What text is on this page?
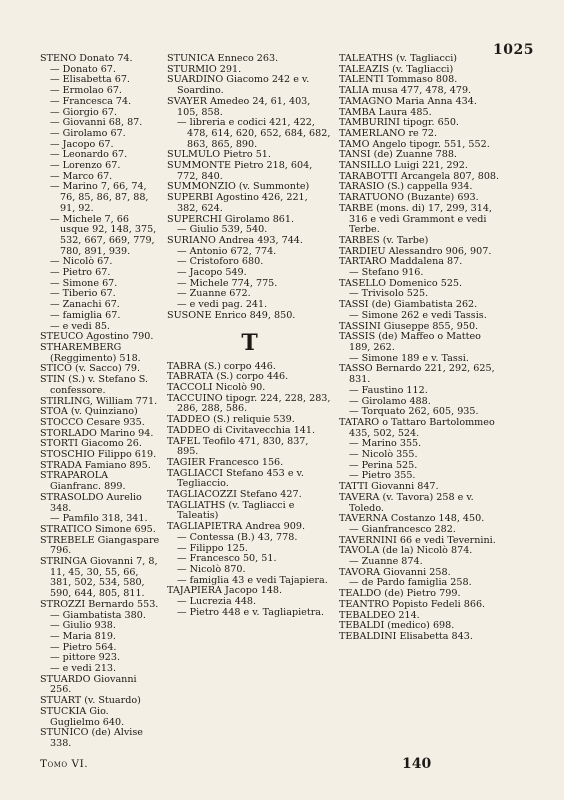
1025
STENO Donato 74.
— Donato 67.
— Elisabetta 67.
— Ermolao 67.
— Francesca 74.
— Giorgio 67.
— Giovanni 68, 87.
— Girolamo 67.
— Jacopo 67.
— Leonardo 67.
— Lorenzo 67.
— Marco 67.
— Marino 7, 66, 74, 76, 85, 86, 87, 88, 91, 92.
— Michele 7, 66 usque 92, 148, 375, 532, 667, 669, 779, 780, 891, 939.
— Nicolò 67.
— Pietro 67.
— Simone 67.
— Tiberio 67.
— Zanachi 67.
— famiglia 67.
— e vedi 85.
STEUCO Agostino 790.
STHAREMBERG (Reggimento) 518.
STICO (v. Sacco) 79.
STIN (S.) v. Stefano S. confessore.
STIRLING, William 771.
STOA (v. Quinziano)
STOCCO Cesare 935.
STORLADO Marino 94.
STORTI Giacomo 26.
STOSCHIO Filippo 619.
STRADA Famiano 895.
STRAPAROLA Gianfranc. 899.
STRASOLDO Aurelio 348.
— Pamfilo 318, 341.
STRATICO Simone 695.
STREBELE Giangaspare 796.
STRINGA Giovanni 7, 8, 11, 45, 30, 55, 66, 381, 502, 534, 580, 590, 644, 805, 811.
STROZZI Bernardo 553.
— Giambatista 380.
— Giulio 938.
— Maria 819.
— Pietro 564.
— pittore 923.
— e vedi 213.
STUARDO Giovanni 256.
STUART (v. Stuardo)
STUCKIA Gio. Guglielmo 640.
STUNICO (de) Alvise 338.
STUNICA Enneco 263.
STURMIO 291.
SUARDINO Giacomo 242 e v. Soardino.
SVAYER Amedeo 24, 61, 403, 105, 858.
— libreria e codici 421, 422, 478, 614, 620, 652, 684, 682, 863, 865, 890.
SULMULO Pietro 51.
SUMMONTE Pietro 218, 604, 772, 840.
SUMMONZIO (v. Summonte)
SUPERBI Agostino 426, 221, 382, 624.
SUPERCHI Girolamo 861.
— Giulio 539, 540.
SURIANO Andrea 493, 744.
— Antonio 672, 774.
— Cristoforo 680.
— Jacopo 549.
— Michele 774, 775.
— Zuanne 672.
— e vedi pag. 241.
SUSONE Enrico 849, 850.
T
TABRA (S.) corpo 446.
TABRATA (S.) corpo 446.
TACCOLI Nicolò 90.
TACCUINO tipogr. 224, 228, 283, 286, 288, 586.
TADDEO (S.) reliquie 539.
TADDEO di Civitavecchia 141.
TAFEL Teofilo 471, 830, 837, 895.
TAGIER Francesco 156.
TAGLIACCI Stefano 453 e v. Tegliaccio.
TAGLIACOZZI Stefano 427.
TAGLIATHS (v. Tagliacci e Taleatis)
TAGLIAPIETRA Andrea 909.
— Contessa (B.) 43, 778.
— Filippo 125.
— Francesco 50, 51.
— Nicolò 870.
— famiglia 43 e vedi Tajapiera.
TAJAPIERA Jacopo 148.
— Lucrezia 448.
— Pietro 448 e v. Tagliapietra.
TALEATHS (v. Tagliacci)
TALEAZIS (v. Tagliacci)
TALENTI Tommaso 808.
TALIA musa 477, 478, 479.
TAMAGNO Maria Anna 434.
TAMBA Laura 485.
TAMBURINI tipogr. 650.
TAMERLANO re 72.
TAMO Angelo tipogr. 551, 552.
TANSI (de) Zuanne 788.
TANSILLO Luigi 221, 292.
TARABOTTI Arcangela 807, 808.
TARASIO (S.) cappella 934.
TARATUONO (Buzante) 693.
TARBE (mons. di) 17, 299, 314, 316 e vedi Grammont e vedi Terbe.
TARBES (v. Tarbe)
TARDIEU Alessandro 906, 907.
TARTARO Maddalena 87.
— Stefano 916.
TASELLO Domenico 525.
— Trivisolo 525.
TASSI (de) Giambatista 262.
— Simone 262 e vedi Tassis.
TASSINI Giuseppe 855, 950.
TASSIS (de) Maffeo o Matteo 189, 262.
— Simone 189 e v. Tassi.
TASSO Bernardo 221, 292, 625, 831.
— Faustino 112.
— Girolamo 488.
— Torquato 262, 605, 935.
TATARO o Tattaro Bartolommeo 435, 502, 524.
— Marino 355.
— Nicolò 355.
— Perina 525.
— Pietro 355.
TATTI Giovanni 847.
TAVERA (v. Tavora) 258 e v. Toledo.
TAVERNA Costanzo 148, 450.
— Gianfrancesco 282.
TAVERNINI 66 e vedi Tevernini.
TAVOLA (de la) Nicolò 874.
— Zuanne 874.
TAVORA Giovanni 258.
— de Pardo famiglia 258.
TEALDO (de) Pietro 799.
TEANTRO Popisto Fedeli 866.
TEBALDEO 214.
TEBALDI (medico) 698.
TEBALDINI Elisabetta 843.
Tomo VI.	140
